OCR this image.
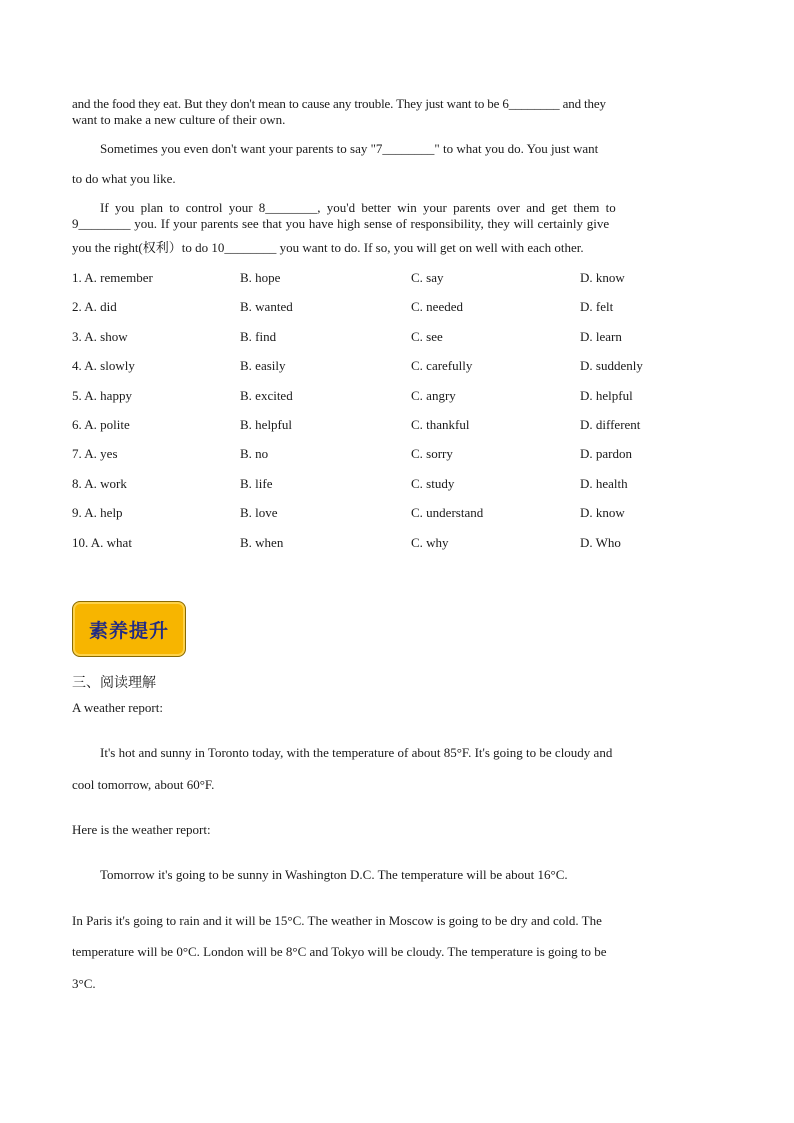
and the food they eat. But they don't mean to cause any trouble. They just want to be 6________ and they
want to make a new culture of their own.
Sometimes you even don't want your parents to say "7________" to what you do. You just want
to do what you like.
If you plan to control your 8________, you'd better win your parents over and get them to
9________ you. If your parents see that you have high sense of responsibility, they will certainly give
you the right(权利）to do 10________ you want to do. If so, you will get on well with each other.
1. A. remember	B. hope	C. say	D. know
2. A. did	B. wanted	C. needed	D. felt
3. A. show	B. find	C. see	D. learn
4. A. slowly	B. easily	C. carefully	D. suddenly
5. A. happy	B. excited	C. angry	D. helpful
6. A. polite	B. helpful	C. thankful	D. different
7. A. yes	B. no	C. sorry	D. pardon
8. A. work	B. life	C. study	D. health
9. A. help	B. love	C. understand	D. know
10. A. what	B. when	C. why	D. Who
素养提升
三、阅读理解
A weather report:
It's hot and sunny in Toronto today, with the temperature of about 85°F. It's going to be cloudy and
cool tomorrow, about 60°F.
Here is the weather report:
Tomorrow it's going to be sunny in Washington D.C. The temperature will be about 16°C.
In Paris it's going to rain and it will be 15°C. The weather in Moscow is going to be dry and cold. The
temperature will be 0°C. London will be 8°C and Tokyo will be cloudy. The temperature is going to be
3°C.
